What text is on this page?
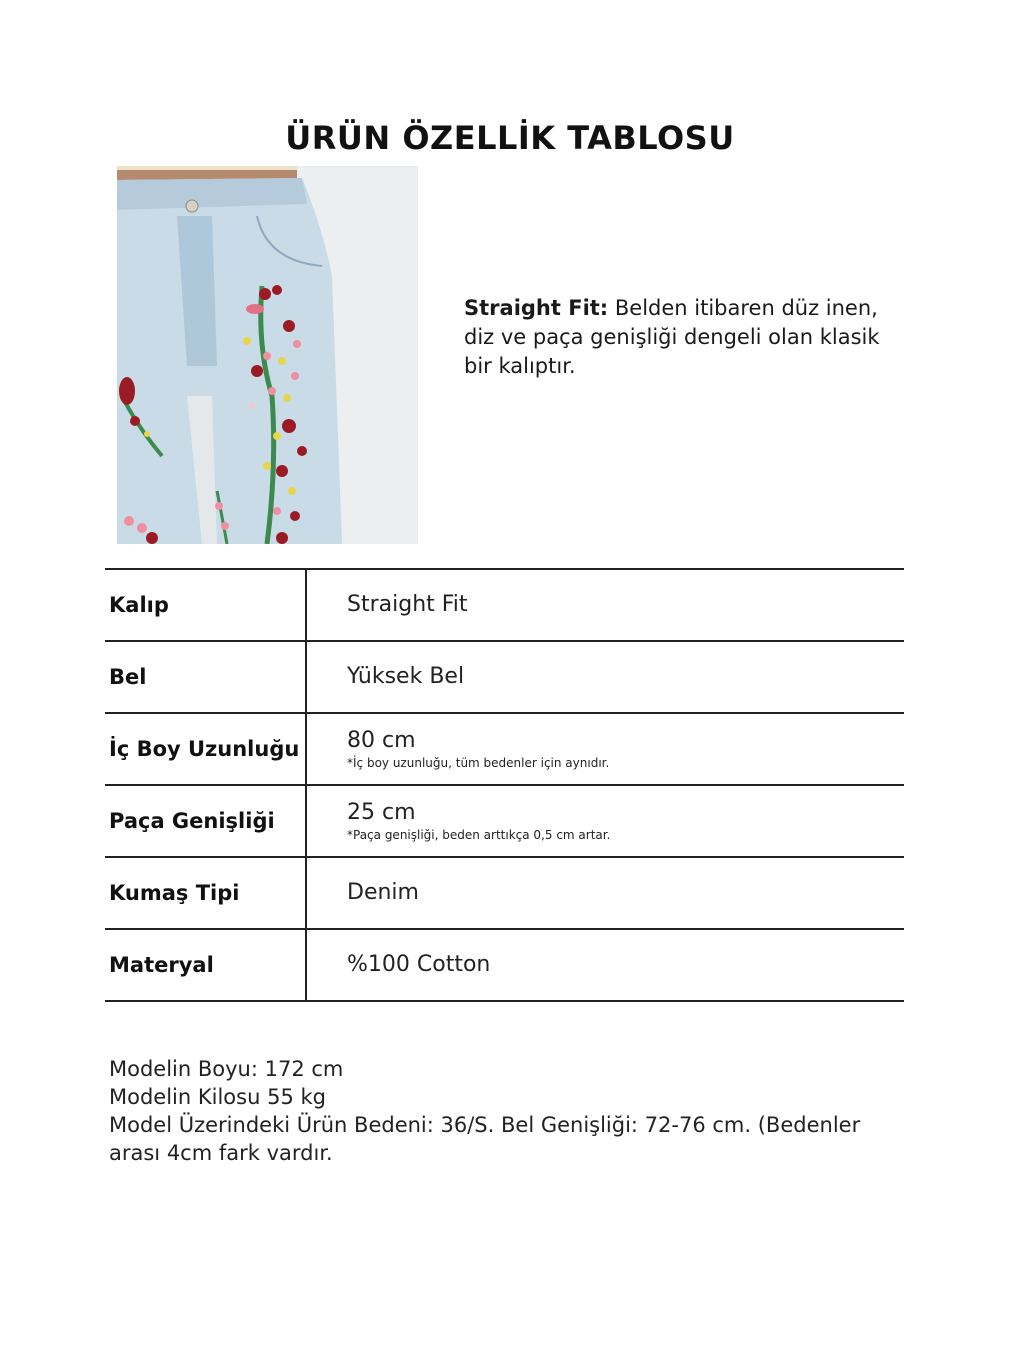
ÜRÜN ÖZELLİK TABLOSU
Straight Fit: Belden itibaren düz inen, diz ve paça genişliği dengeli olan klasik bir kalıptır.
Kalıp	Straight Fit
Bel	Yüksek Bel
İç Boy Uzunluğu	80 cm
*İç boy uzunluğu, tüm bedenler için aynıdır.
Paça Genişliği	25 cm
*Paça genişliği, beden arttıkça 0,5 cm artar.
Kumaş Tipi	Denim
Materyal	%100 Cotton
Modelin Boyu: 172 cm
Modelin Kilosu 55 kg
Model Üzerindeki Ürün Bedeni: 36/S. Bel Genişliği: 72-76 cm. (Bedenler arası 4cm fark vardır.
